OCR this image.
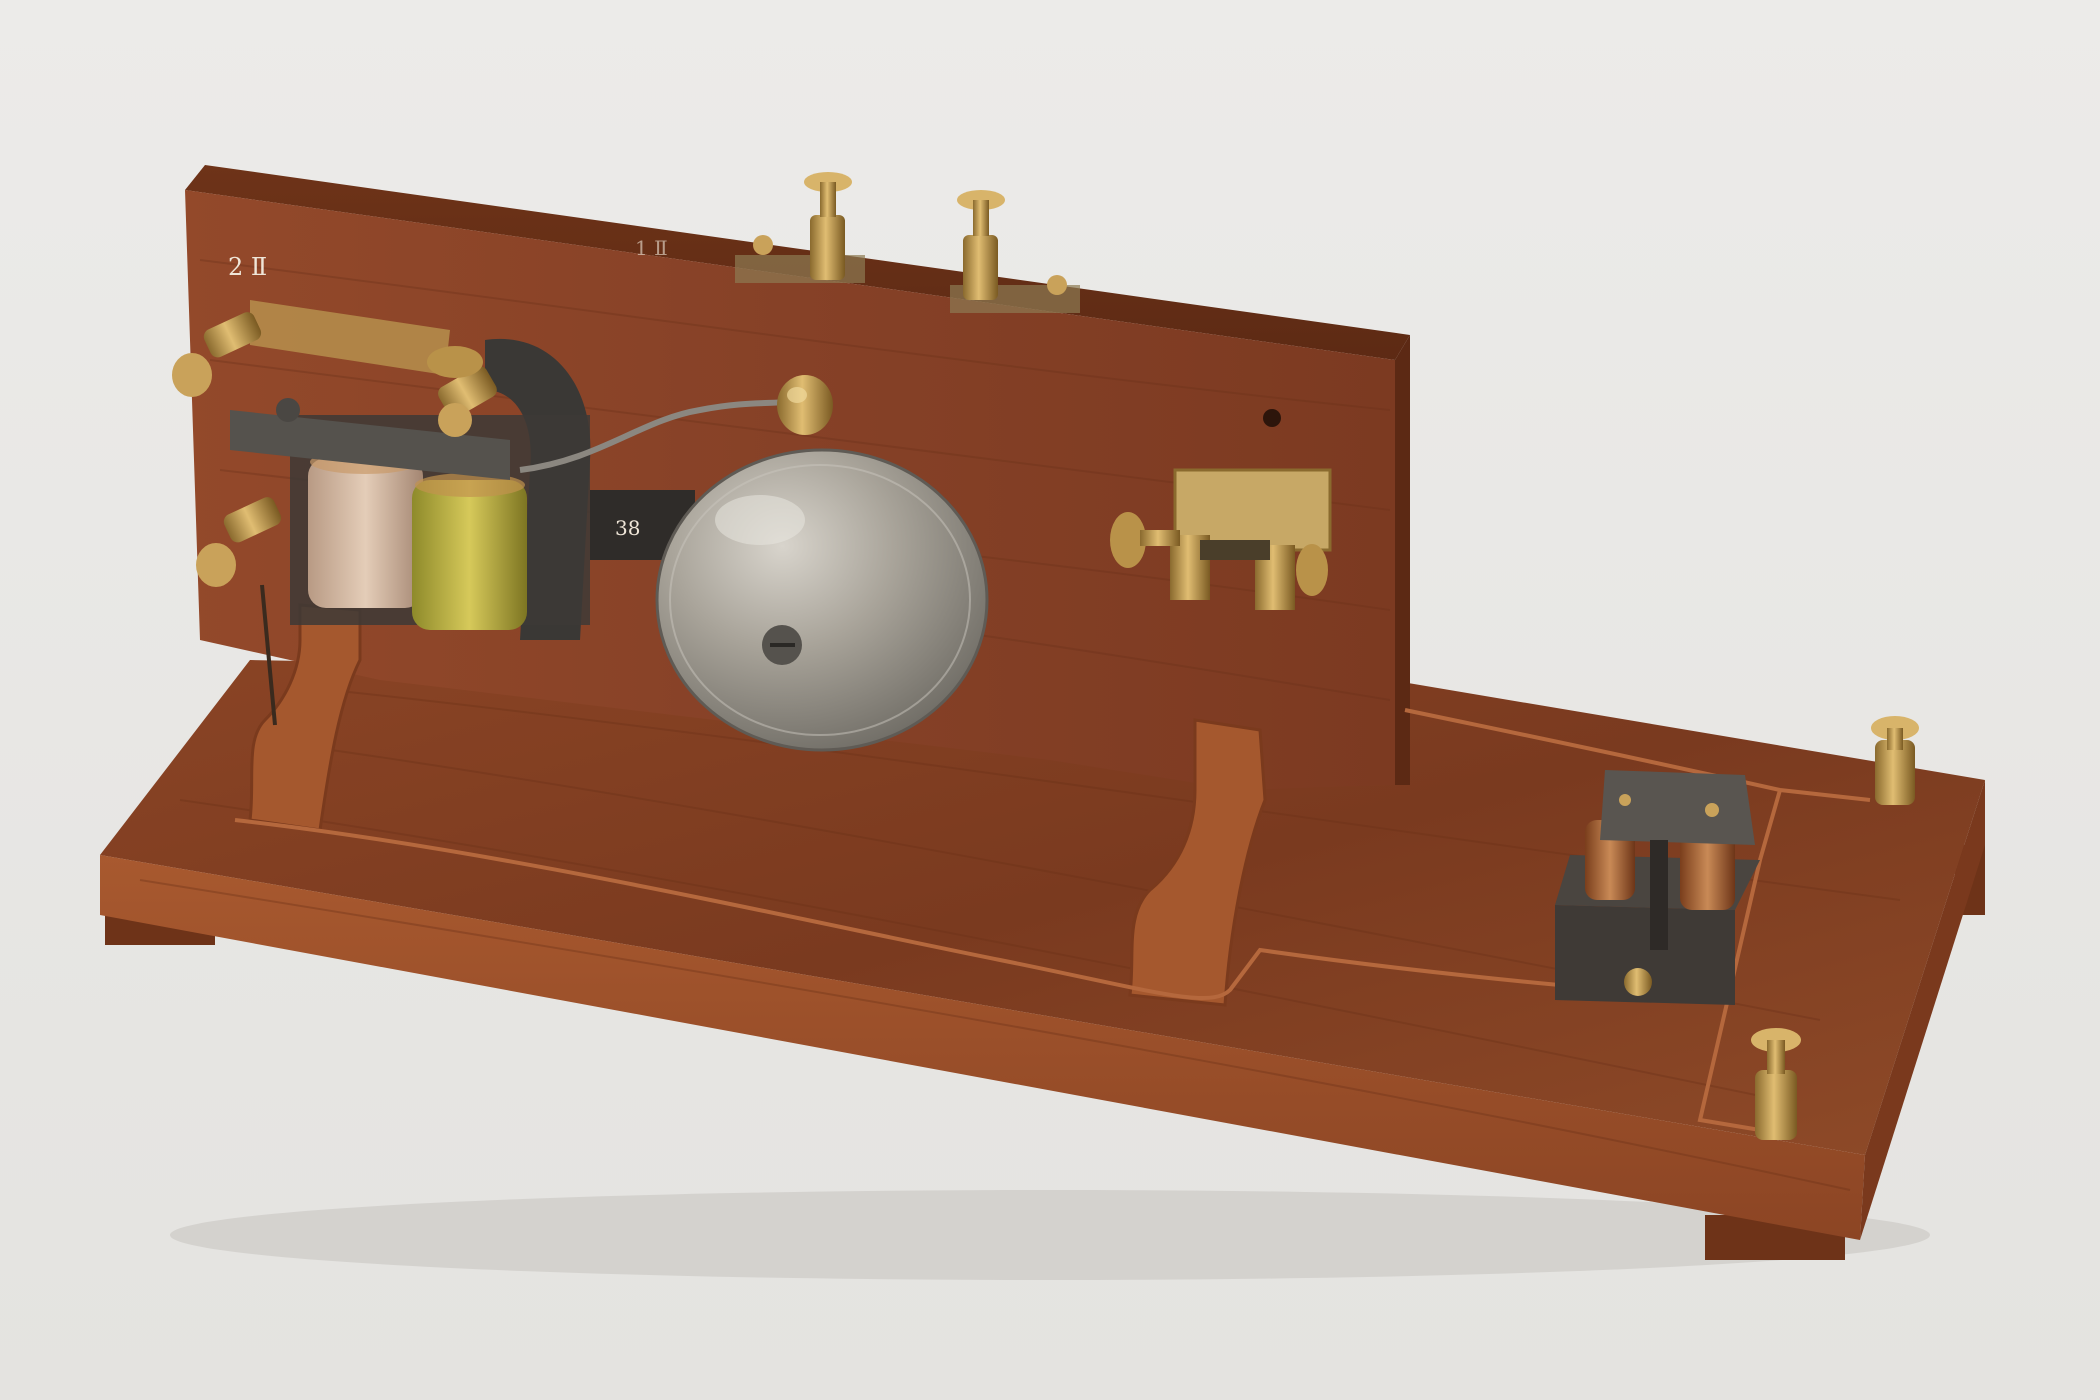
2 Ⅱ
1 Ⅱ
38
